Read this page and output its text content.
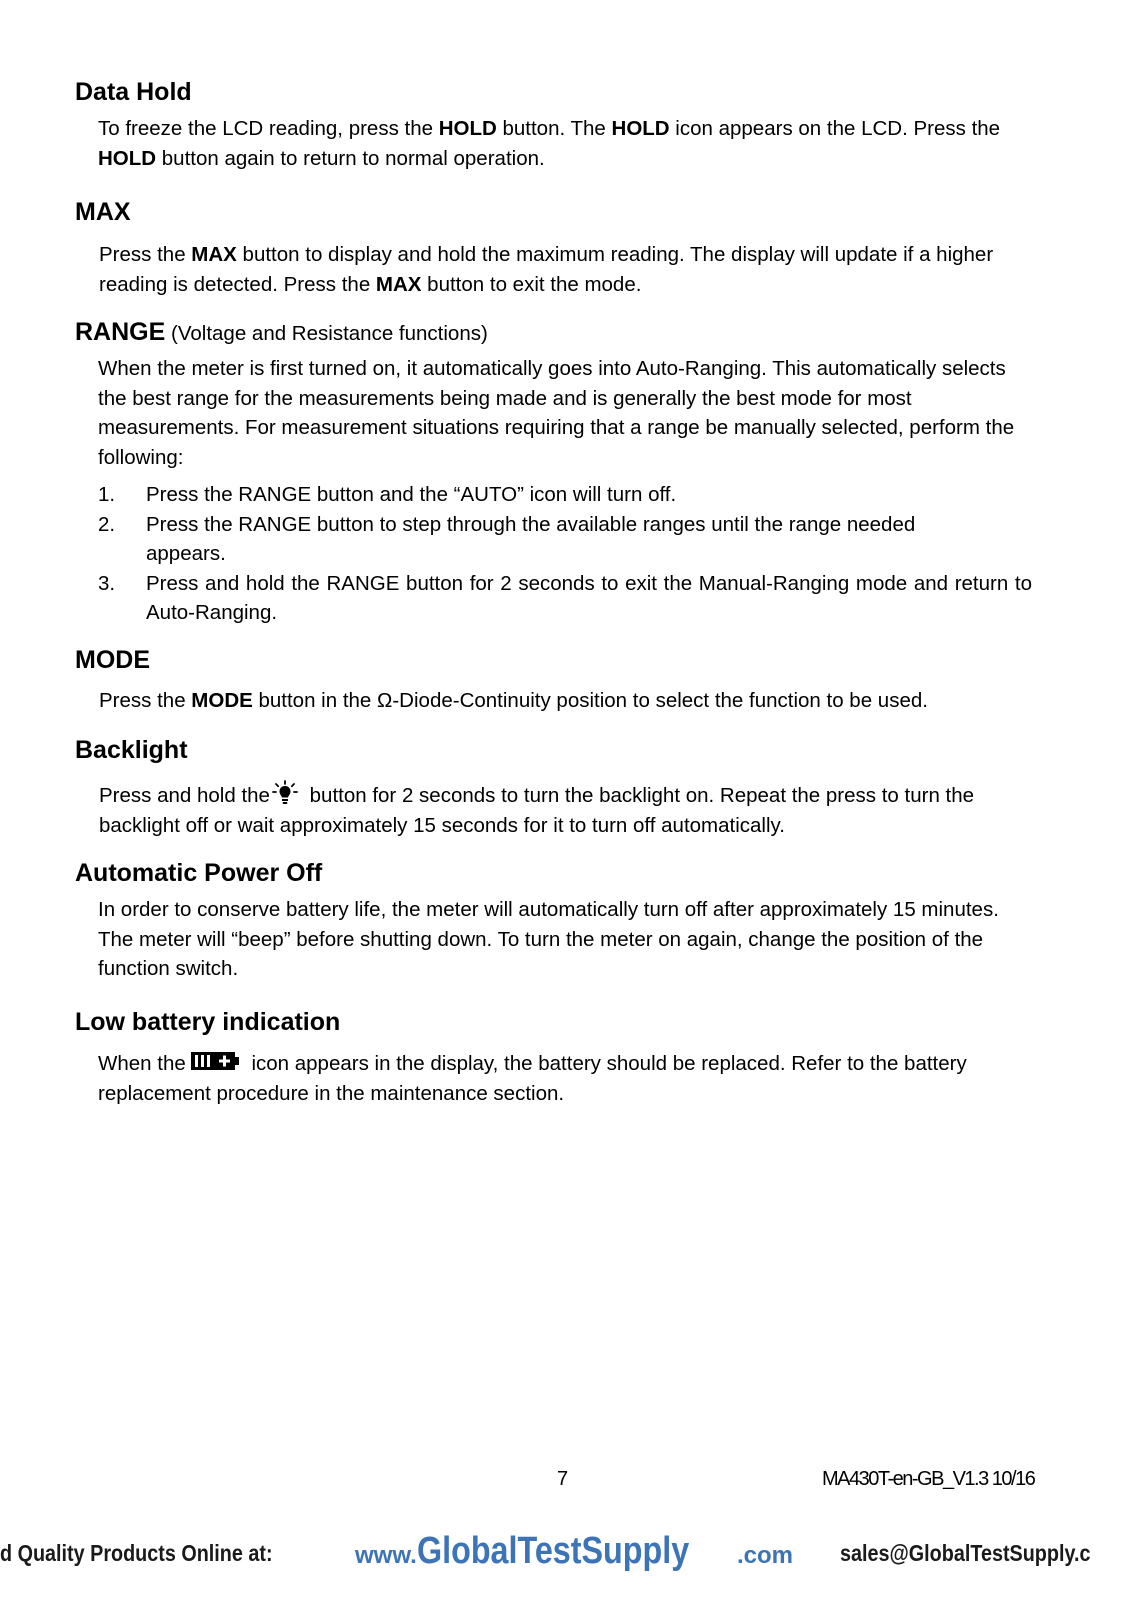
Data Hold

To freeze the LCD reading, press the HOLD button. The HOLD icon appears on the LCD. Press the
HOLD button again to return to normal operation.

MAX

Press the MAX button to display and hold the maximum reading. The display will update if a higher reading is detected. Press the MAX button to exit the mode.

RANGE (Voltage and Resistance functions)

When the meter is first turned on, it automatically goes into Auto-Ranging. This automatically selects the best range for the measurements being made and is generally the best mode for most measurements. For measurement situations requiring that a range be manually selected, perform the following:

1. Press the RANGE button and the “AUTO” icon will turn off.
2. Press the RANGE button to step through the available ranges until the range needed appears.
3. Press and hold the RANGE button for 2 seconds to exit the Manual-Ranging mode and return to Auto-Ranging.
MODE

Press the MODE button in the Ω-Diode-Continuity position to select the function to be used.

Backlight

Press and hold the button for 2 seconds to turn the backlight on. Repeat the press to turn the backlight off or wait approximately 15 seconds for it to turn off automatically.

Automatic Power Off

In order to conserve battery life, the meter will automatically turn off after approximately 15 minutes. The meter will “beep” before shutting down. To turn the meter on again, change the position of the function switch.

Low battery indication

When the	icon appears in the display, the battery should be replaced. Refer to the battery replacement procedure in the maintenance section.

7	MA430T-en-GB_V1.3 10/16
d Quality Products Online at:	www.GlobalTestSupply .com sales@GlobalTestSupply.c
